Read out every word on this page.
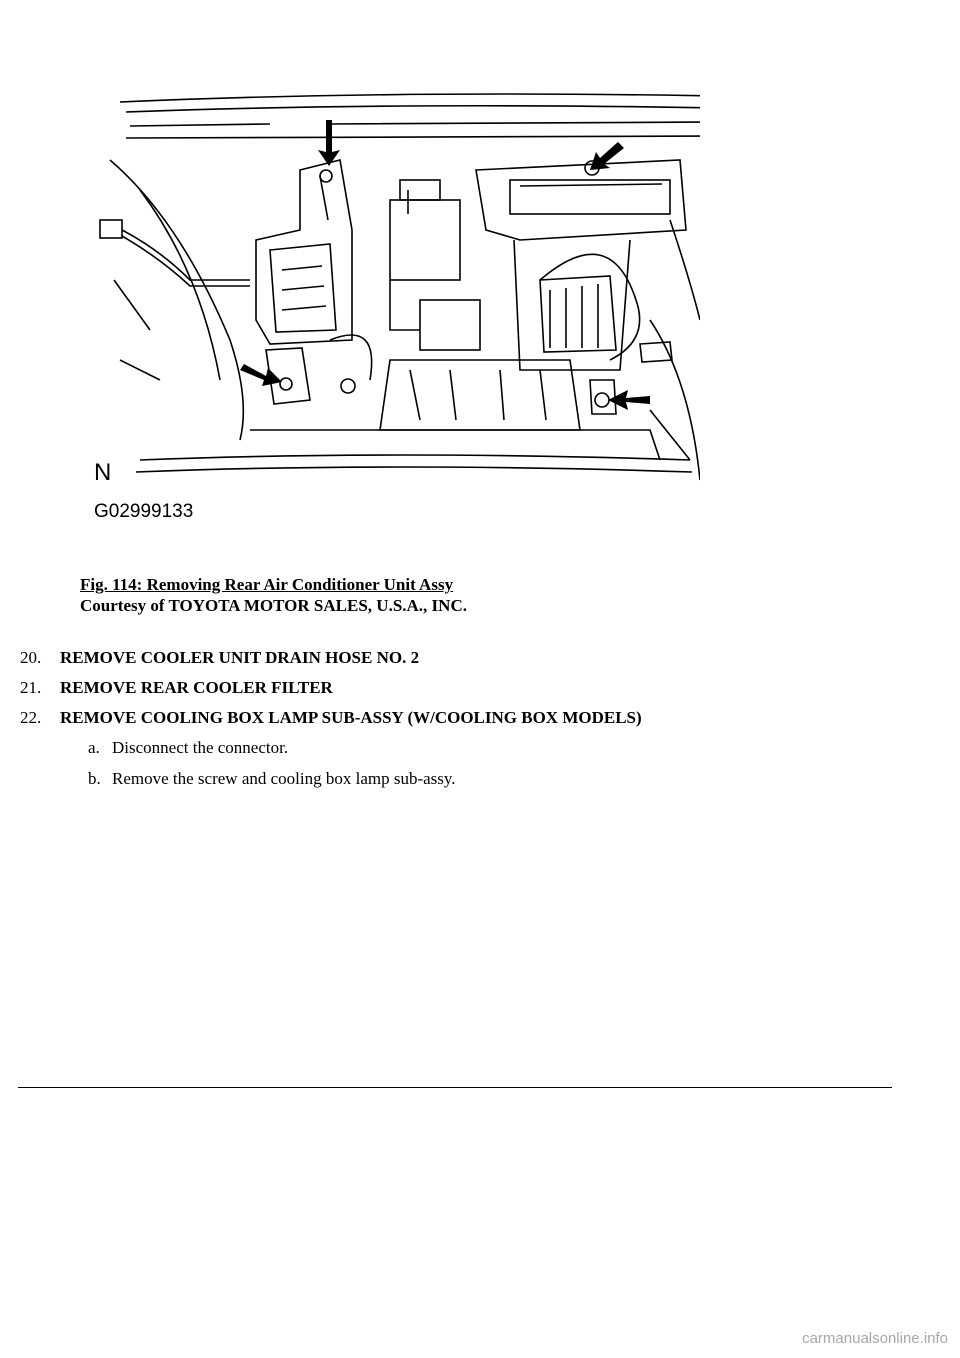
N
G02999133
Fig. 114: Removing Rear Air Conditioner Unit Assy
Courtesy of TOYOTA MOTOR SALES, U.S.A., INC.
20.	REMOVE COOLER UNIT DRAIN HOSE NO. 2
21.	REMOVE REAR COOLER FILTER
22.	REMOVE COOLING BOX LAMP SUB-ASSY (W/COOLING BOX MODELS)
a. Disconnect the connector.
b. Remove the screw and cooling box lamp sub-assy.
carmanualsonline.info
